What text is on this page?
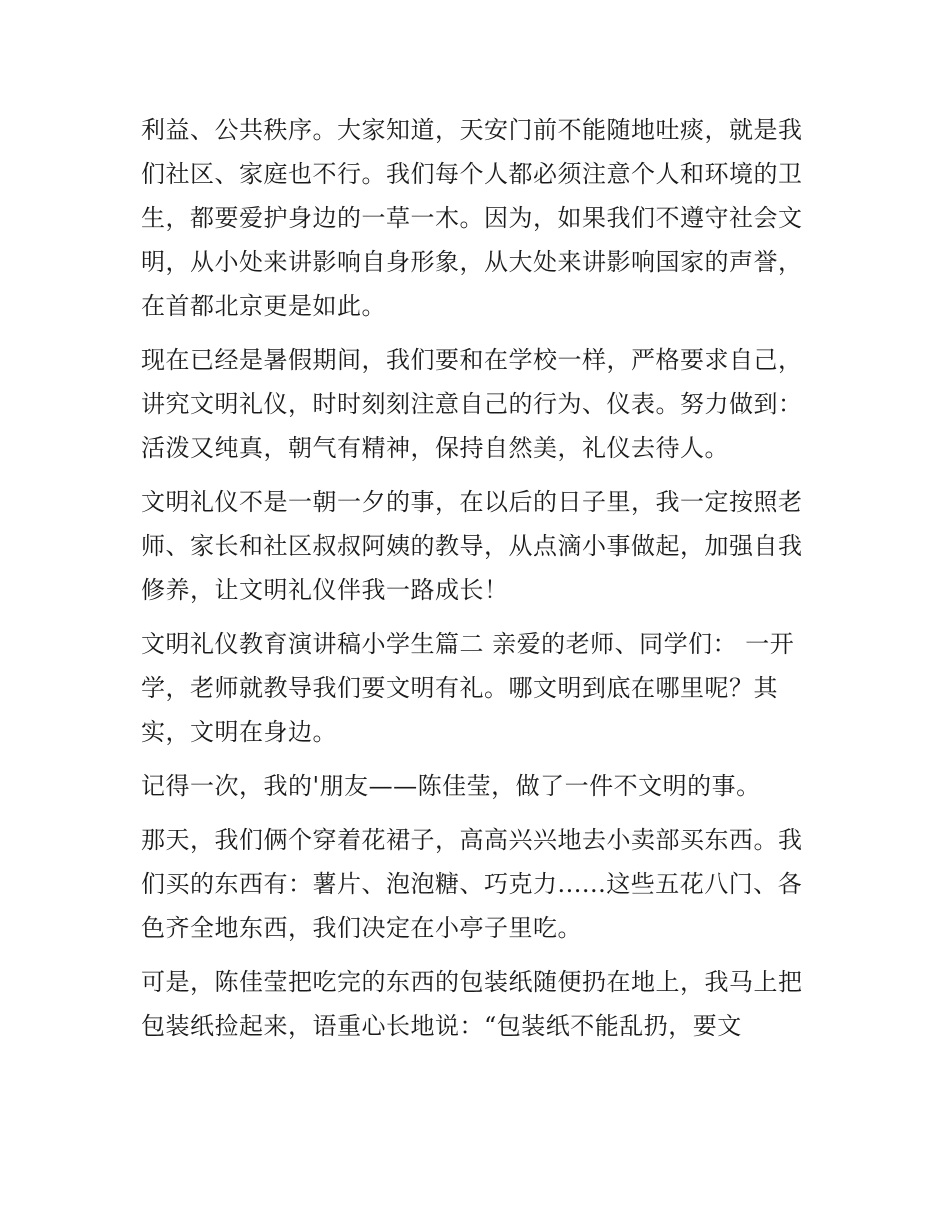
利益、公共秩序。大家知道，天安门前不能随地吐痰，就是我
们社区、家庭也不行。我们每个人都必须注意个人和环境的卫
生，都要爱护身边的一草一木。因为，如果我们不遵守社会文
明，从小处来讲影响自身形象，从大处来讲影响国家的声誉，
在首都北京更是如此。
现在已经是暑假期间，我们要和在学校一样，严格要求自己，
讲究文明礼仪，时时刻刻注意自己的行为、仪表。努力做到：
活泼又纯真，朝气有精神，保持自然美，礼仪去待人。
文明礼仪不是一朝一夕的事，在以后的日子里，我一定按照老
师、家长和社区叔叔阿姨的教导，从点滴小事做起，加强自我
修养，让文明礼仪伴我一路成长！
文明礼仪教育演讲稿小学生篇二 亲爱的老师、同学们： 一开
学，老师就教导我们要文明有礼。哪文明到底在哪里呢？其
实，文明在身边。
记得一次，我的'朋友——陈佳莹，做了一件不文明的事。
那天，我们俩个穿着花裙子，高高兴兴地去小卖部买东西。我
们买的东西有：薯片、泡泡糖、巧克力......这些五花八门、各
色齐全地东西，我们决定在小亭子里吃。
可是，陈佳莹把吃完的东西的包装纸随便扔在地上，我马上把
包装纸捡起来，语重心长地说：“包装纸不能乱扔，要文
